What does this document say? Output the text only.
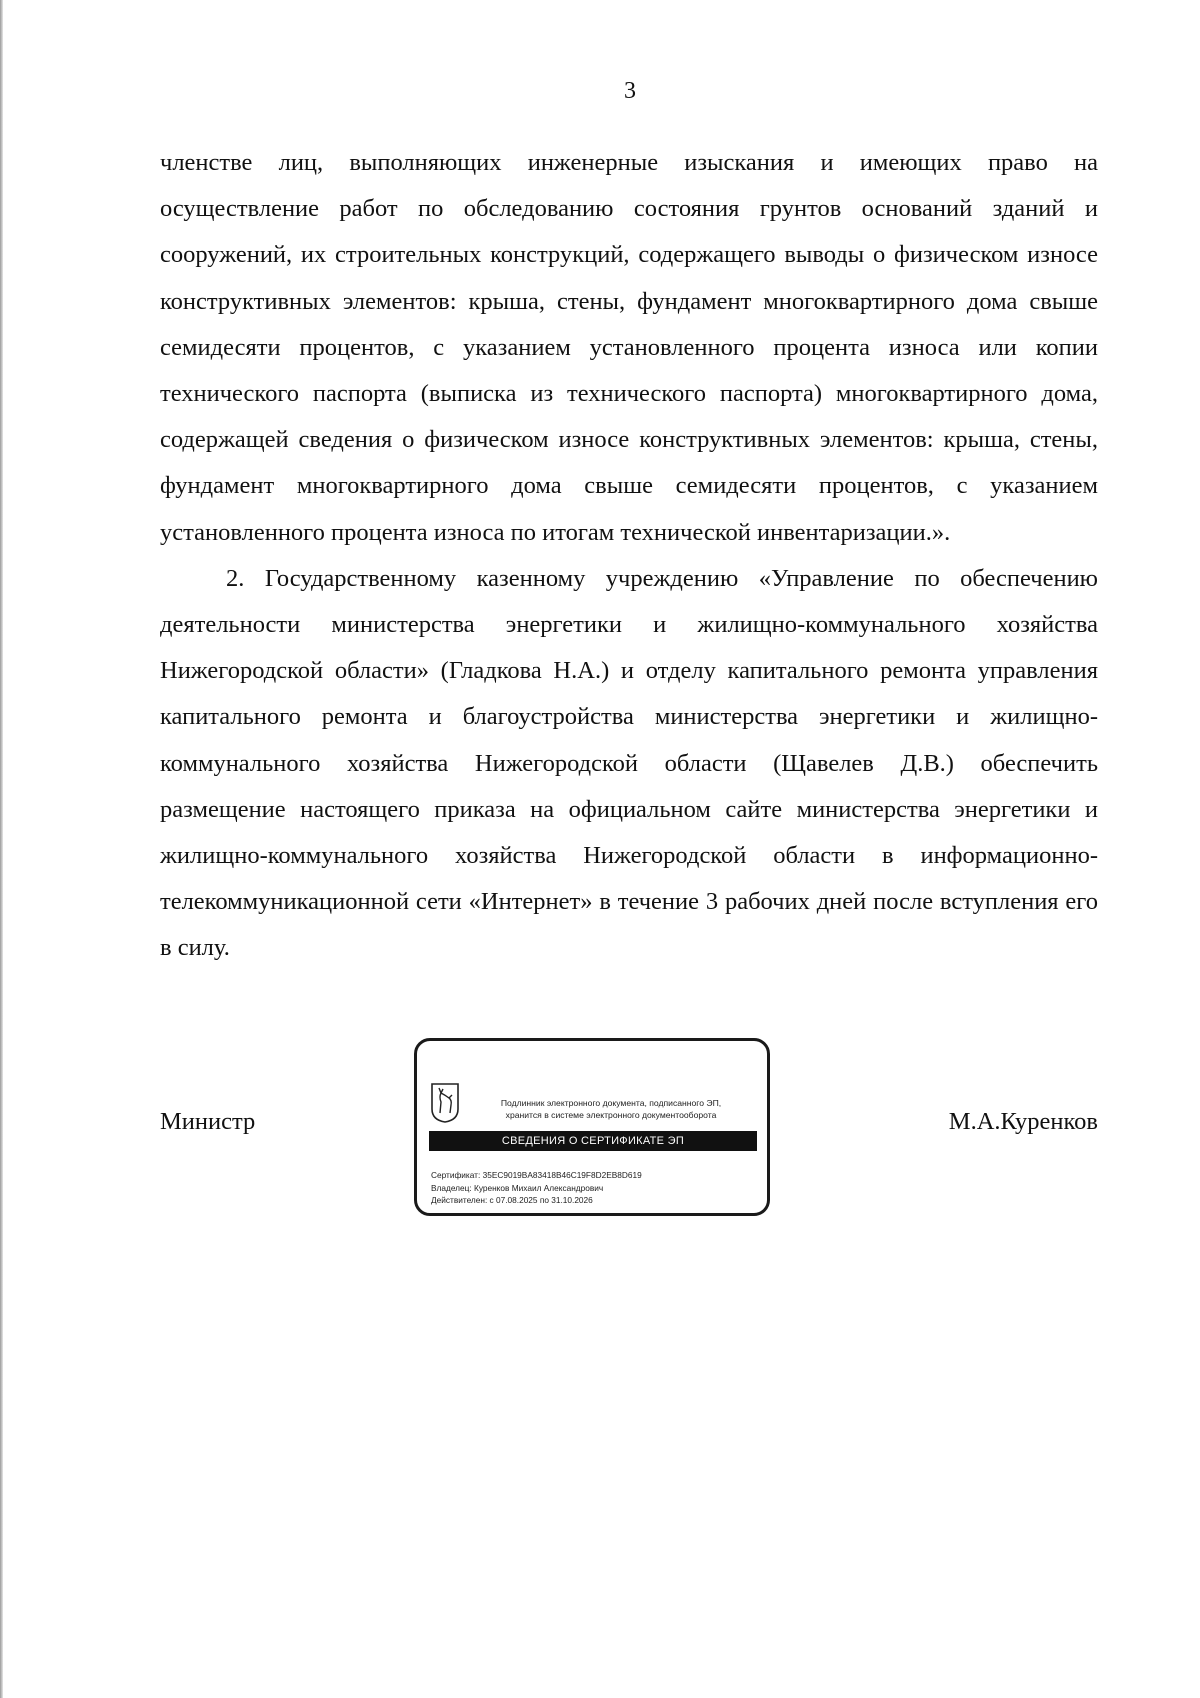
3

членстве лиц, выполняющих инженерные изыскания и имеющих право на осуществление работ по обследованию состояния грунтов оснований зданий и сооружений, их строительных конструкций, содержащего выводы о физическом износе конструктивных элементов: крыша, стены, фундамент многоквартирного дома свыше семидесяти процентов, с указанием установленного процента износа или копии технического паспорта (выписка из технического паспорта) многоквартирного дома, содержащей сведения о физическом износе конструктивных элементов: крыша, стены, фундамент многоквартирного дома свыше семидесяти процентов, с указанием установленного процента износа по итогам технической инвентаризации.».

2. Государственному казенному учреждению «Управление по обеспечению деятельности министерства энергетики и жилищно-коммунального хозяйства Нижегородской области» (Гладкова Н.А.) и отделу капитального ремонта управления капитального ремонта и благоустройства министерства энергетики и жилищно-коммунального хозяйства Нижегородской области (Щавелев Д.В.) обеспечить размещение настоящего приказа на официальном сайте министерства энергетики и жилищно-коммунального хозяйства Нижегородской области в информационно-телекоммуникационной сети «Интернет» в течение 3 рабочих дней после вступления его в силу.

Министр	М.А.Куренков
Подлинник электронного документа, подписанного ЭП,
хранится в системе электронного документооборота
СВЕДЕНИЯ О СЕРТИФИКАТЕ ЭП
Сертификат: 35EC9019BA83418B46C19F8D2EB8D619
Владелец: Куренков Михаил Александрович
Действителен: с 07.08.2025 по 31.10.2026
